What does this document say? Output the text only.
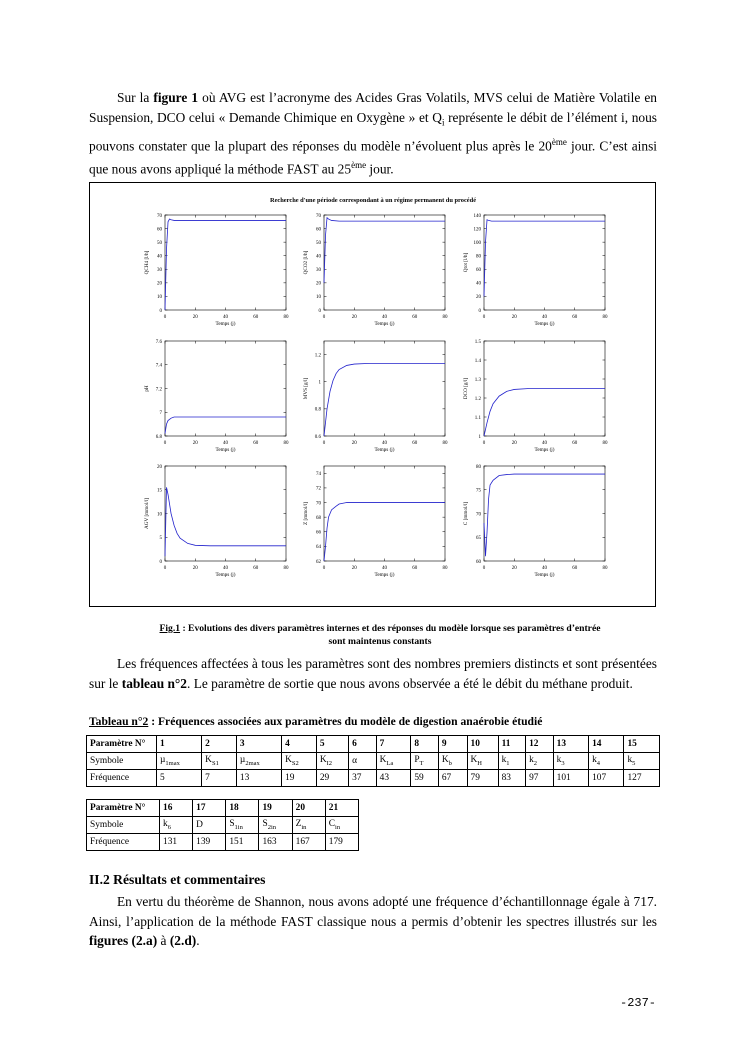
Sur la figure 1 où AVG est l’acronyme des Acides Gras Volatils, MVS celui de Matière Volatile en Suspension, DCO celui « Demande Chimique en Oxygène » et $Q_i$ représente le débit de l’élément i, nous pouvons constater que la plupart des réponses du modèle n’évoluent plus après le 20ème jour. C’est ainsi que nous avons appliqué la méthode FAST au 25ème jour.

Recherche d'une période correspondant à un régime permanent du procédé
0	20	40	60	80
0
10
20
30
40
50
60
70
Temps (j)
QCH4 [l/h]
0	20	40	60	80
0
10
20
30
40
50
60
70
Temps (j)
QCO2 [l/h]
0	20	40	60	80
0
20
40
60
80
100
120
140
Temps (j)
Qtot [l/h]
0	20	40	60	80
6.8
7
7.2
7.4
7.6
Temps (j)
pH
0	20	40	60	80
0.6
0.8
1
1.2
Temps (j)
MVS [g/l]
0	20	40	60	80
1
1.1
1.2
1.3
1.4
1.5
Temps (j)
DCO [g/l]
0	20	40	60	80
0
5
10
15
20
Temps (j)
AGV [mmol/l]
0	20	40	60	80
62
64
66
68
70
72
74
Temps (j)
Z [mmol/l]
0	20	40	60	80
60
65
70
75
80
Temps (j)
C [mmol/l]
Fig.1 : Evolutions des divers paramètres internes et des réponses du modèle lorsque ses paramètres d’entrée sont maintenus constants

Les fréquences affectées à tous les paramètres sont des nombres premiers distincts et sont présentées sur le tableau n°2. Le paramètre de sortie que nous avons observée a été le débit du méthane produit.

Tableau n°2 : Fréquences associées aux paramètres du modèle de digestion anaérobie étudié
Paramètre N°	1	2	3	4	5	6	7	8	9	10	11	12	13	14	15
Symbole	µ$_{1max}$	$K_{S1}$	µ$_{2max}$	$K_{S2}$	$K_{I2}$	α	$K_{La}$	$P_T$	$K_b$	$K_H$	$k_1$	$k_2$	$k_3$	$k_4$	$k_5$
Fréquence	5	7	13	19	29	37	43	59	67	79	83	97	101	107	127
Paramètre N°	16	17	18	19	20	21
Symbole	$k_6$	D	$S_{1in}$	$S_{2in}$	$Z_{in}$	$C_{in}$
Fréquence	131	139	151	163	167	179
II.2 Résultats et commentaires

En vertu du théorème de Shannon, nous avons adopté une fréquence d’échantillonnage égale à 717. Ainsi, l’application de la méthode FAST classique nous a permis d’obtenir les spectres illustrés sur les figures (2.a) à (2.d).

-237-
